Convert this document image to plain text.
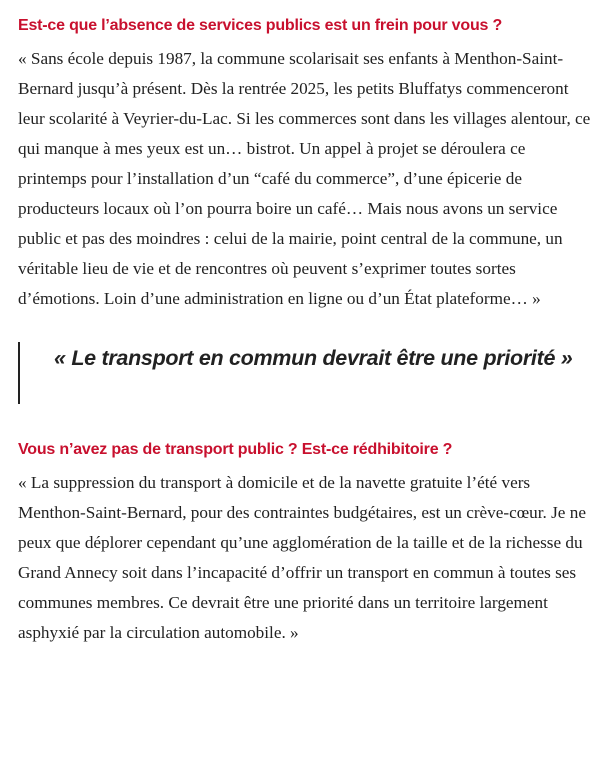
Est-ce que l’absence de services publics est un frein pour vous ?

« Sans école depuis 1987, la commune scolarisait ses enfants à Menthon-Saint-Bernard jusqu’à présent. Dès la rentrée 2025, les petits Bluffatys commenceront leur scolarité à Veyrier-du-Lac. Si les commerces sont dans les villages alentour, ce qui manque à mes yeux est un… bistrot. Un appel à projet se déroulera ce printemps pour l’installation d’un “café du commerce”, d’une épicerie de producteurs locaux où l’on pourra boire un café… Mais nous avons un service public et pas des moindres : celui de la mairie, point central de la commune, un véritable lieu de vie et de rencontres où peuvent s’exprimer toutes sortes d’émotions. Loin d’une administration en ligne ou d’un État plateforme… »

« Le transport en commun devrait être une priorité »

Vous n’avez pas de transport public ? Est-ce rédhibitoire ?

« La suppression du transport à domicile et de la navette gratuite l’été vers Menthon-Saint-Bernard, pour des contraintes budgétaires, est un crève-cœur. Je ne peux que déplorer cependant qu’une agglomération de la taille et de la richesse du Grand Annecy soit dans l’incapacité d’offrir un transport en commun à toutes ses communes membres. Ce devrait être une priorité dans un territoire largement asphyxié par la circulation automobile. »
